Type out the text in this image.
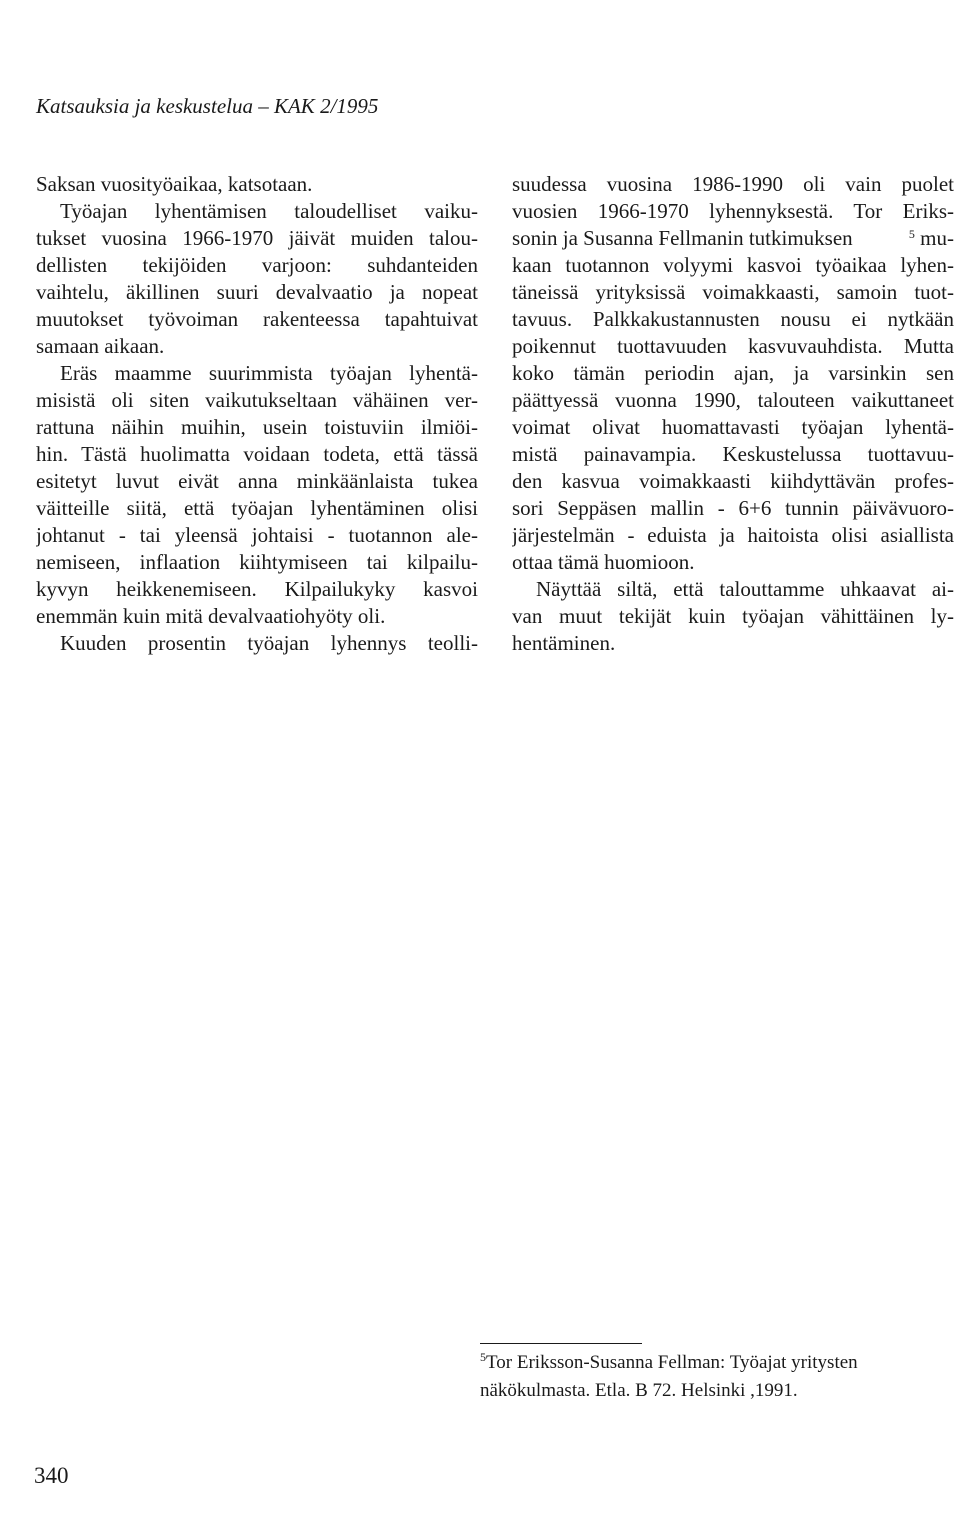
Katsauksia ja keskustelua – KAK 2/1995
Saksan vuosityöaikaa, katsotaan.
Työajan lyhentämisen taloudelliset vaiku-
tukset vuosina 1966-1970 jäivät muiden talou-
dellisten tekijöiden varjoon: suhdanteiden
vaihtelu, äkillinen suuri devalvaatio ja nopeat
muutokset työvoiman rakenteessa tapahtuivat
samaan aikaan.
Eräs maamme suurimmista työajan lyhentä-
misistä oli siten vaikutukseltaan vähäinen ver-
rattuna näihin muihin, usein toistuviin ilmiöi-
hin. Tästä huolimatta voidaan todeta, että tässä
esitetyt luvut eivät anna minkäänlaista tukea
väitteille siitä, että työajan lyhentäminen olisi
johtanut - tai yleensä johtaisi - tuotannon ale-
nemiseen, inflaation kiihtymiseen tai kilpailu-
kyvyn heikkenemiseen. Kilpailukyky kasvoi
enemmän kuin mitä devalvaatiohyöty oli.
Kuuden prosentin työajan lyhennys teolli-
suudessa vuosina 1986-1990 oli vain puolet
vuosien 1966-1970 lyhennyksestä. Tor Eriks-
sonin ja Susanna Fellmanin tutkimuksen	$^5$ mu-
kaan tuotannon volyymi kasvoi työaikaa lyhen-
täneissä yrityksissä voimakkaasti, samoin tuot-
tavuus. Palkkakustannusten nousu ei nytkään
poikennut tuottavuuden kasvuvauhdista. Mutta
koko tämän periodin ajan, ja varsinkin sen
päättyessä vuonna 1990, talouteen vaikuttaneet
voimat olivat huomattavasti työajan lyhentä-
mistä painavampia. Keskustelussa tuottavuu-
den kasvua voimakkaasti kiihdyttävän profes-
sori Seppäsen mallin - 6+6 tunnin päivävuoro-
järjestelmän - eduista ja haitoista olisi asiallista
ottaa tämä huomioon.
Näyttää siltä, että talouttamme uhkaavat ai-
van muut tekijät kuin työajan vähittäinen ly-
hentäminen.
$^5$Tor Eriksson-Susanna Fellman: Työajat yritysten
näkökulmasta. Etla. B 72. Helsinki ,1991.
340
